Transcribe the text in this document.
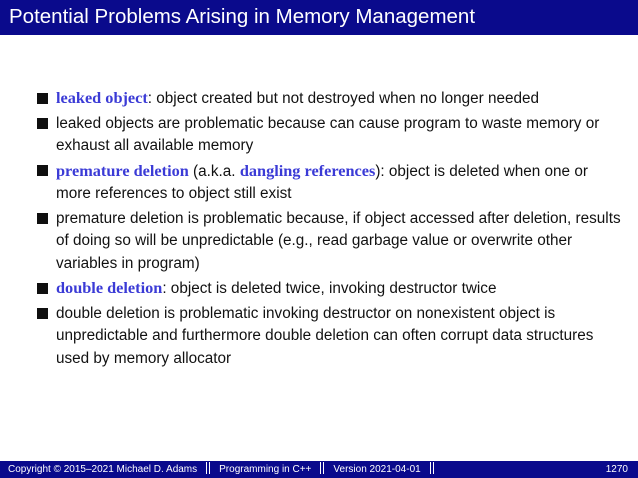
Potential Problems Arising in Memory Management
leaked object: object created but not destroyed when no longer needed
leaked objects are problematic because can cause program to waste memory or exhaust all available memory
premature deletion (a.k.a. dangling references): object is deleted when one or more references to object still exist
premature deletion is problematic because, if object accessed after deletion, results of doing so will be unpredictable (e.g., read garbage value or overwrite other variables in program)
double deletion: object is deleted twice, invoking destructor twice
double deletion is problematic invoking destructor on nonexistent object is unpredictable and furthermore double deletion can often corrupt data structures used by memory allocator
Copyright © 2015–2021 Michael D. Adams Programming in C++ Version 2021-04-01	1270
